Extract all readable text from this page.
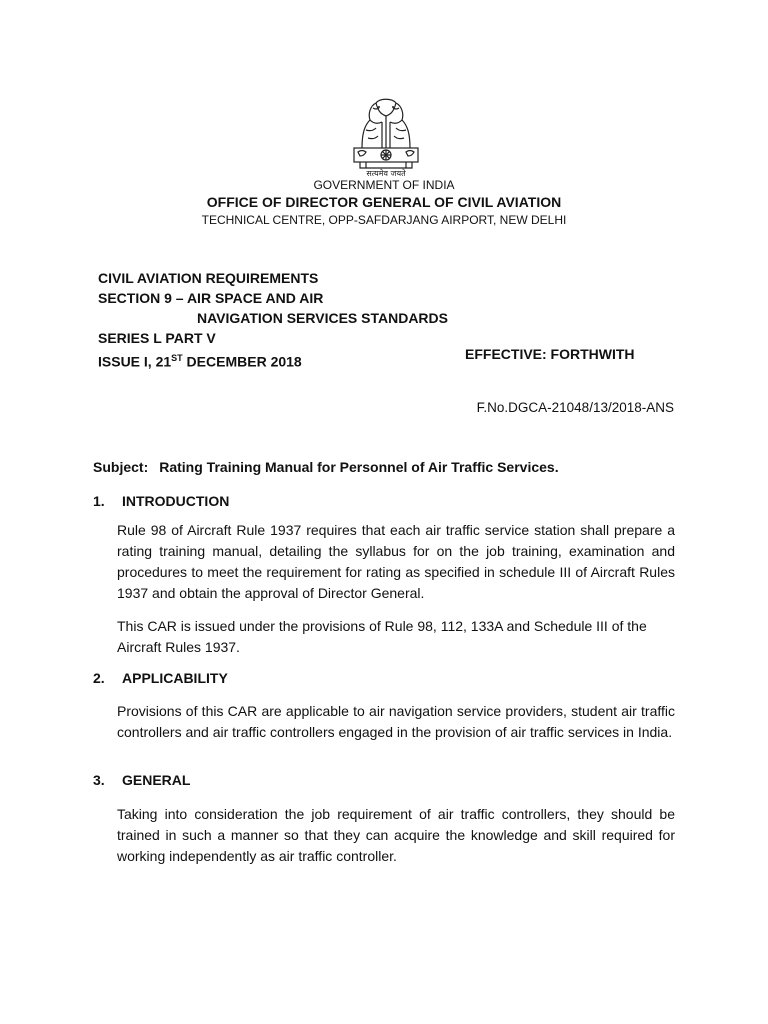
सत्यमेव जयते
GOVERNMENT OF INDIA
OFFICE OF DIRECTOR GENERAL OF CIVIL AVIATION
TECHNICAL CENTRE, OPP-SAFDARJANG AIRPORT, NEW DELHI
CIVIL AVIATION REQUIREMENTS
SECTION 9 – AIR SPACE AND AIR
NAVIGATION SERVICES STANDARDS
SERIES L PART V
ISSUE I, 21ST DECEMBER 2018	EFFECTIVE: FORTHWITH
F.No.DGCA-21048/13/2018-ANS
Subject: Rating Training Manual for Personnel of Air Traffic Services.
1. INTRODUCTION
Rule 98 of Aircraft Rule 1937 requires that each air traffic service station shall prepare a rating training manual, detailing the syllabus for on the job training, examination and procedures to meet the requirement for rating as specified in schedule III of Aircraft Rules 1937 and obtain the approval of Director General.
This CAR is issued under the provisions of Rule 98, 112, 133A and Schedule III of the Aircraft Rules 1937.
2. APPLICABILITY
Provisions of this CAR are applicable to air navigation service providers, student air traffic controllers and air traffic controllers engaged in the provision of air traffic services in India.
3. GENERAL
Taking into consideration the job requirement of air traffic controllers, they should be trained in such a manner so that they can acquire the knowledge and skill required for working independently as air traffic controller.
